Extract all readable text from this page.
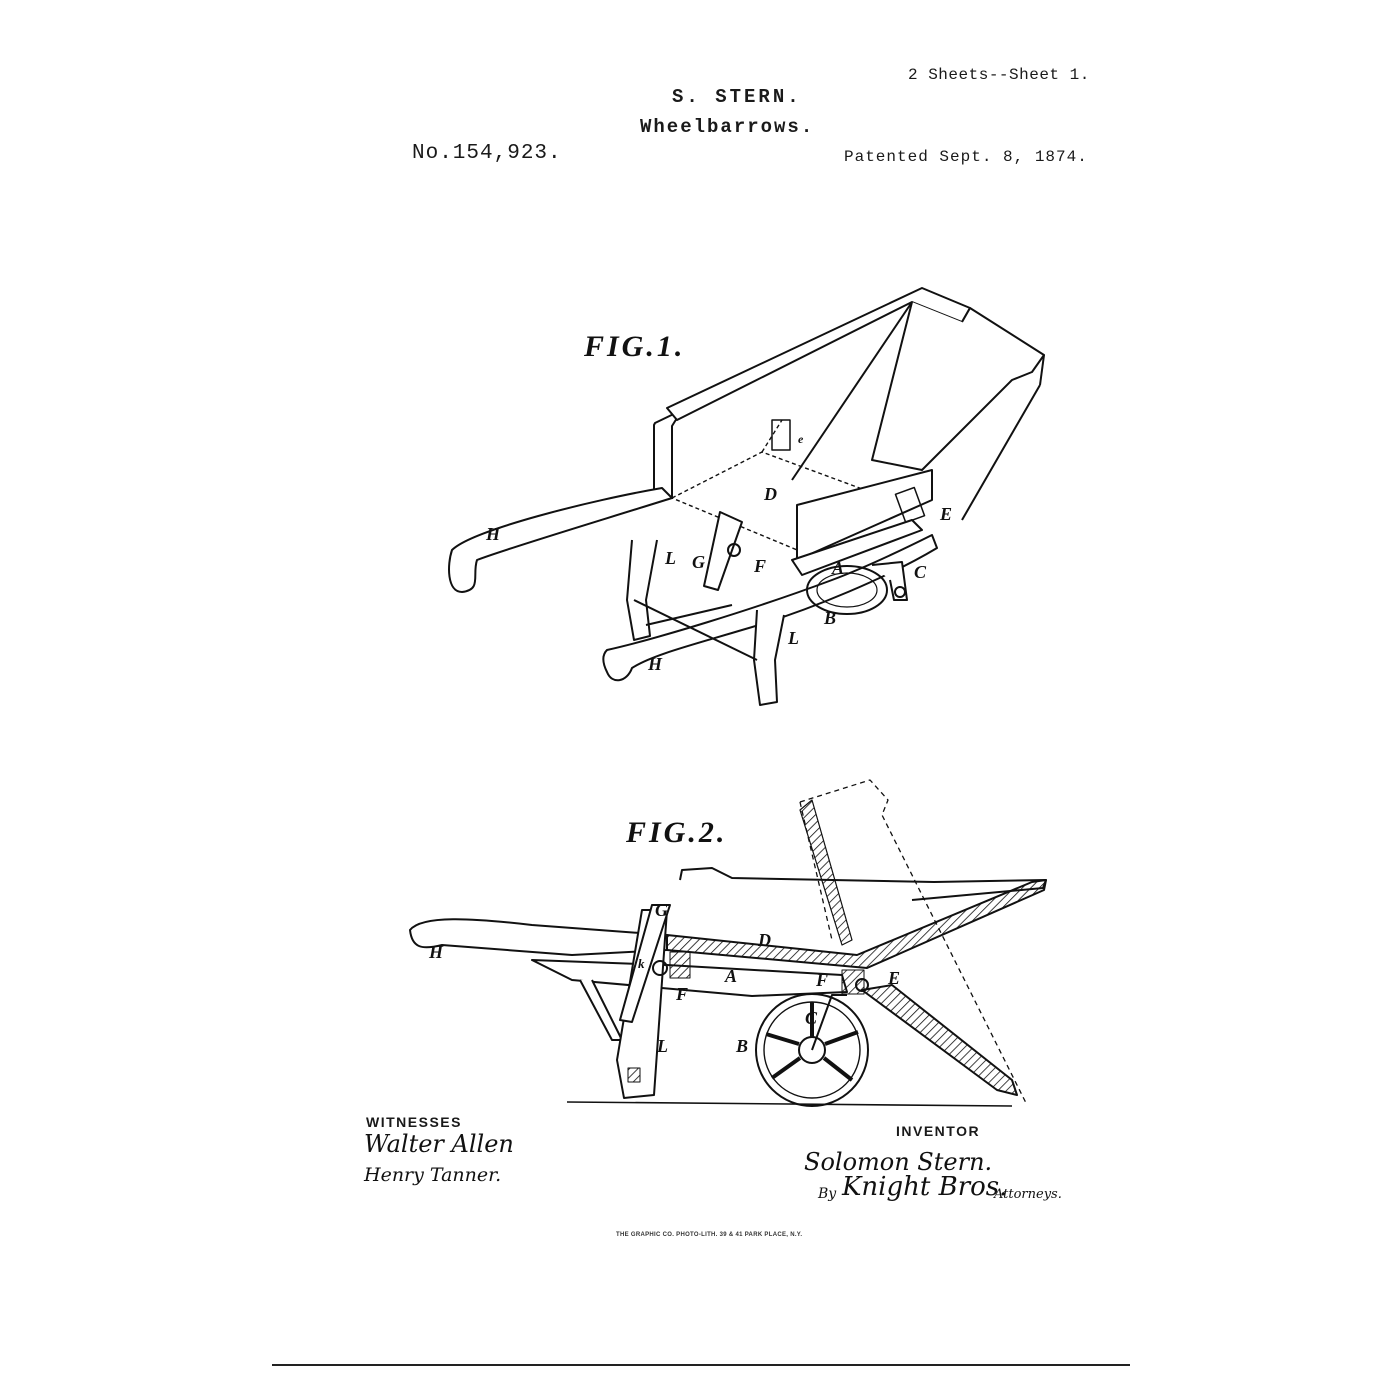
2 Sheets--Sheet 1.
S. STERN.
Wheelbarrows.
No.154,923.	Patented Sept. 8, 1874.
FIG.1.
FIG.2.
H
H
D
E
e
L G	F	A	C
B
L
G
D
H
k
A
F
F	E
C
L	B
WITNESSES
Walter Allen
Henry Tanner.
INVENTOR
Solomon Stern.
By Knight Bros.
Attorneys.
THE GRAPHIC CO. PHOTO-LITH. 39 & 41 PARK PLACE, N.Y.
